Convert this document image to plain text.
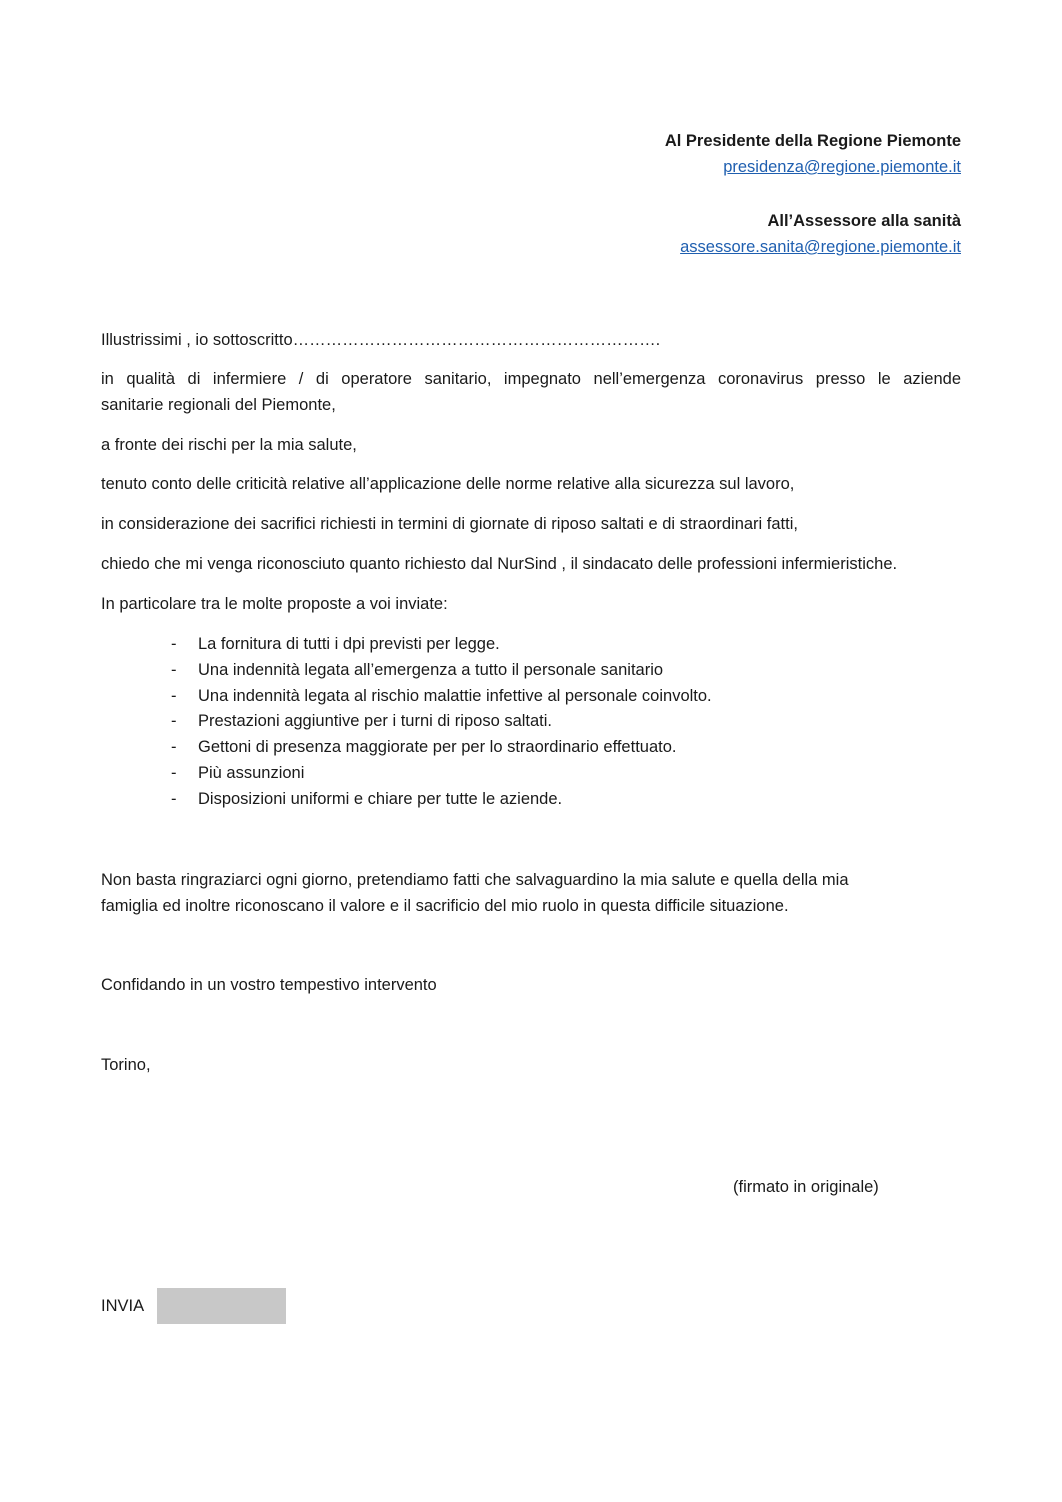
Al Presidente della Regione Piemonte
presidenza@regione.piemonte.it
All’Assessore alla sanità
assessore.sanita@regione.piemonte.it
Illustrissimi , io sottoscritto………………………………………………………….
in qualità di infermiere / di operatore sanitario, impegnato nell’emergenza coronavirus presso le aziende
sanitarie regionali del Piemonte,
a fronte dei rischi per la mia salute,
tenuto conto delle criticità relative all’applicazione delle norme relative alla sicurezza sul lavoro,
in considerazione dei sacrifici richiesti in termini di giornate di riposo saltati e di straordinari fatti,
chiedo che mi venga riconosciuto quanto richiesto dal NurSind , il sindacato delle professioni infermieristiche.
In particolare tra le molte proposte a voi inviate:
- La fornitura di tutti i dpi previsti per legge.
- Una indennità legata all’emergenza a tutto il personale sanitario
- Una indennità legata al rischio malattie infettive al personale coinvolto.
- Prestazioni aggiuntive per i turni di riposo saltati.
- Gettoni di presenza maggiorate per per lo straordinario effettuato.
- Più assunzioni
- Disposizioni uniformi e chiare per tutte le aziende.
Non basta ringraziarci ogni giorno, pretendiamo fatti che salvaguardino la mia salute e quella della mia
famiglia ed inoltre riconoscano il valore e il sacrificio del mio ruolo in questa difficile situazione.
Confidando in un vostro tempestivo intervento
Torino,
(firmato in originale)
INVIA
